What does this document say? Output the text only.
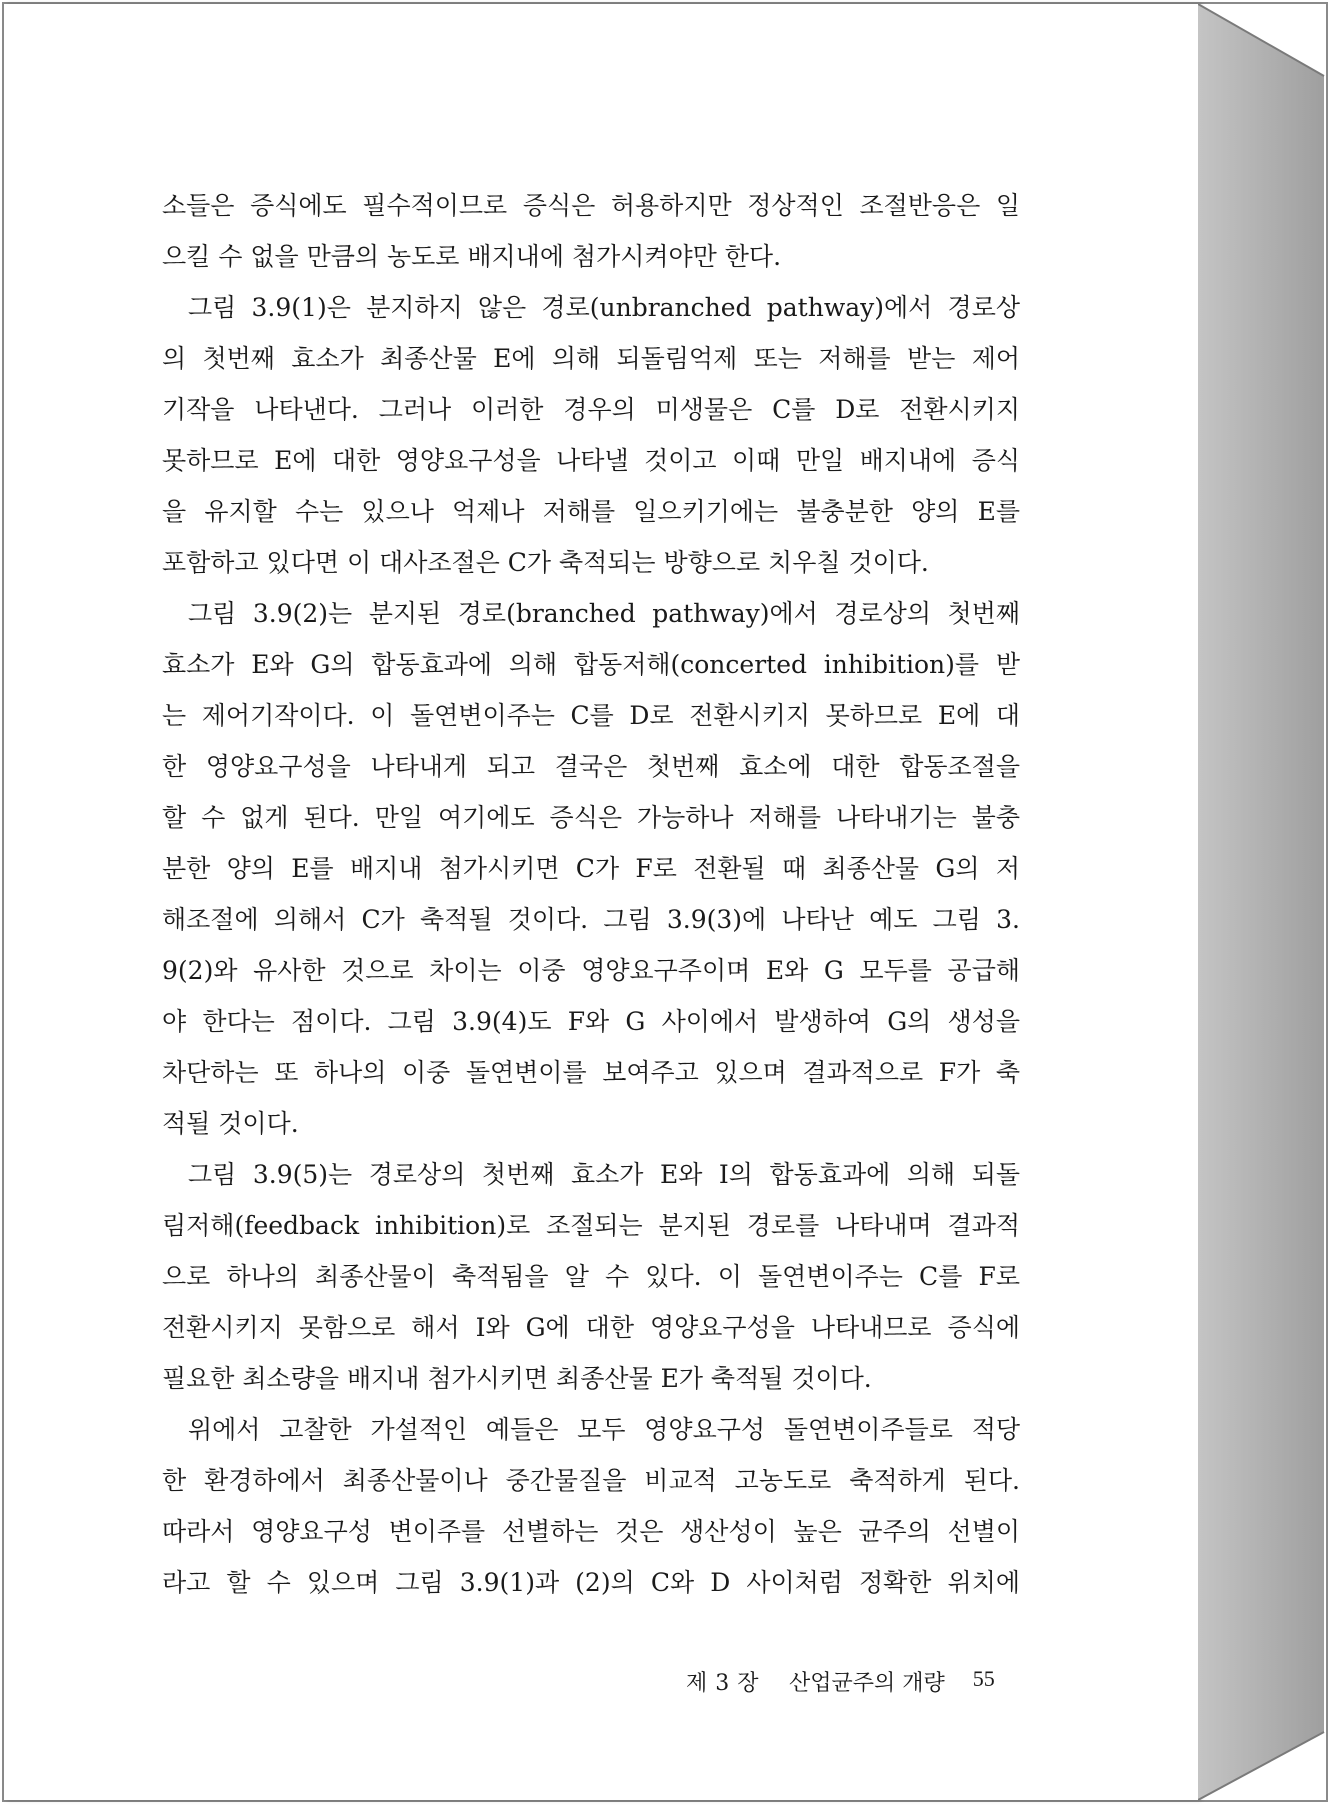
소들은 증식에도 필수적이므로 증식은 허용하지만 정상적인 조절반응은 일
으킬 수 없을 만큼의 농도로 배지내에 첨가시켜야만 한다.
그림 3.9(1)은 분지하지 않은 경로(unbranched pathway)에서 경로상
의 첫번째 효소가 최종산물 E에 의해 되돌림억제 또는 저해를 받는 제어
기작을 나타낸다. 그러나 이러한 경우의 미생물은 C를 D로 전환시키지
못하므로 E에 대한 영양요구성을 나타낼 것이고 이때 만일 배지내에 증식
을 유지할 수는 있으나 억제나 저해를 일으키기에는 불충분한 양의 E를
포함하고 있다면 이 대사조절은 C가 축적되는 방향으로 치우칠 것이다.
그림 3.9(2)는 분지된 경로(branched pathway)에서 경로상의 첫번째
효소가 E와 G의 합동효과에 의해 합동저해(concerted inhibition)를 받
는 제어기작이다. 이 돌연변이주는 C를 D로 전환시키지 못하므로 E에 대
한 영양요구성을 나타내게 되고 결국은 첫번째 효소에 대한 합동조절을
할 수 없게 된다. 만일 여기에도 증식은 가능하나 저해를 나타내기는 불충
분한 양의 E를 배지내 첨가시키면 C가 F로 전환될 때 최종산물 G의 저
해조절에 의해서 C가 축적될 것이다. 그림 3.9(3)에 나타난 예도 그림 3.
9(2)와 유사한 것으로 차이는 이중 영양요구주이며 E와 G 모두를 공급해
야 한다는 점이다. 그림 3.9(4)도 F와 G 사이에서 발생하여 G의 생성을
차단하는 또 하나의 이중 돌연변이를 보여주고 있으며 결과적으로 F가 축
적될 것이다.
그림 3.9(5)는 경로상의 첫번째 효소가 E와 I의 합동효과에 의해 되돌
림저해(feedback inhibition)로 조절되는 분지된 경로를 나타내며 결과적
으로 하나의 최종산물이 축적됨을 알 수 있다. 이 돌연변이주는 C를 F로
전환시키지 못함으로 해서 I와 G에 대한 영양요구성을 나타내므로 증식에
필요한 최소량을 배지내 첨가시키면 최종산물 E가 축적될 것이다.
위에서 고찰한 가설적인 예들은 모두 영양요구성 돌연변이주들로 적당
한 환경하에서 최종산물이나 중간물질을 비교적 고농도로 축적하게 된다.
따라서 영양요구성 변이주를 선별하는 것은 생산성이 높은 균주의 선별이
라고 할 수 있으며 그림 3.9(1)과 (2)의 C와 D 사이처럼 정확한 위치에
제 3 장 산업균주의 개량 55
